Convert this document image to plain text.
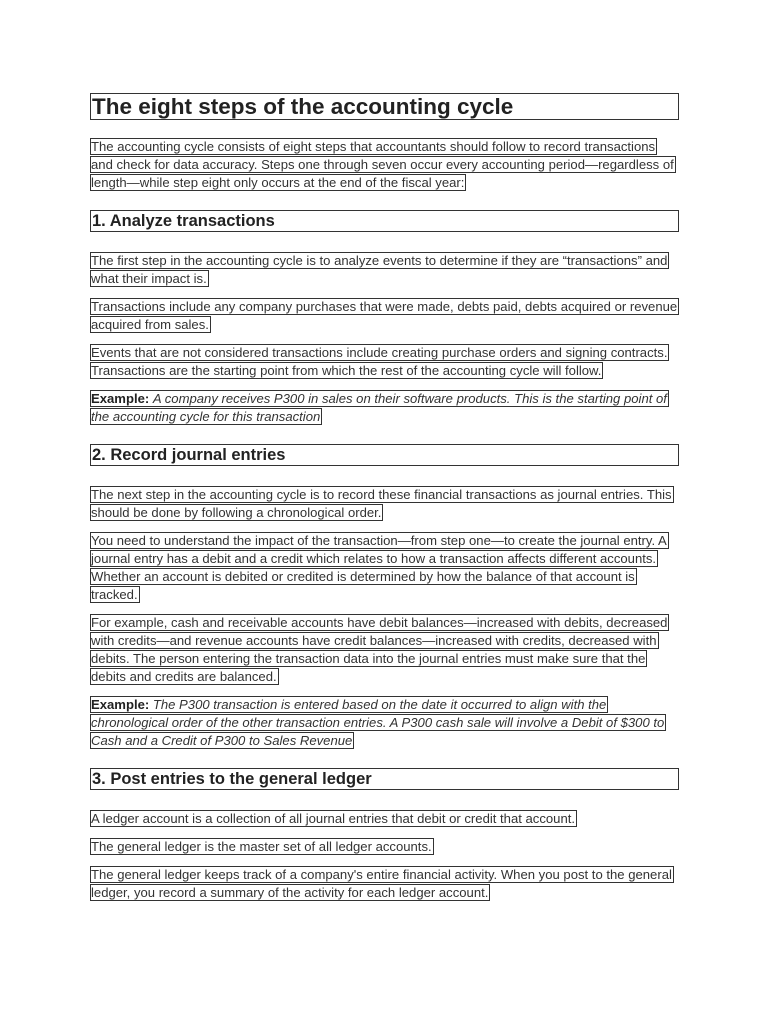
The eight steps of the accounting cycle

The accounting cycle consists of eight steps that accountants should follow to record transactions and check for data accuracy. Steps one through seven occur every accounting period—regardless of length—while step eight only occurs at the end of the fiscal year:

1. Analyze transactions

The first step in the accounting cycle is to analyze events to determine if they are “transactions” and what their impact is.

Transactions include any company purchases that were made, debts paid, debts acquired or revenue acquired from sales.

Events that are not considered transactions include creating purchase orders and signing contracts. Transactions are the starting point from which the rest of the accounting cycle will follow.

Example: A company receives P300 in sales on their software products. This is the starting point of the accounting cycle for this transaction

2. Record journal entries

The next step in the accounting cycle is to record these financial transactions as journal entries. This should be done by following a chronological order.

You need to understand the impact of the transaction—from step one—to create the journal entry. A journal entry has a debit and a credit which relates to how a transaction affects different accounts. Whether an account is debited or credited is determined by how the balance of that account is tracked.

For example, cash and receivable accounts have debit balances—increased with debits, decreased with credits—and revenue accounts have credit balances—increased with credits, decreased with debits. The person entering the transaction data into the journal entries must make sure that the debits and credits are balanced.

Example: The P300 transaction is entered based on the date it occurred to align with the chronological order of the other transaction entries. A P300 cash sale will involve a Debit of $300 to Cash and a Credit of P300 to Sales Revenue

3. Post entries to the general ledger

A ledger account is a collection of all journal entries that debit or credit that account.

The general ledger is the master set of all ledger accounts.

The general ledger keeps track of a company's entire financial activity. When you post to the general ledger, you record a summary of the activity for each ledger account.
